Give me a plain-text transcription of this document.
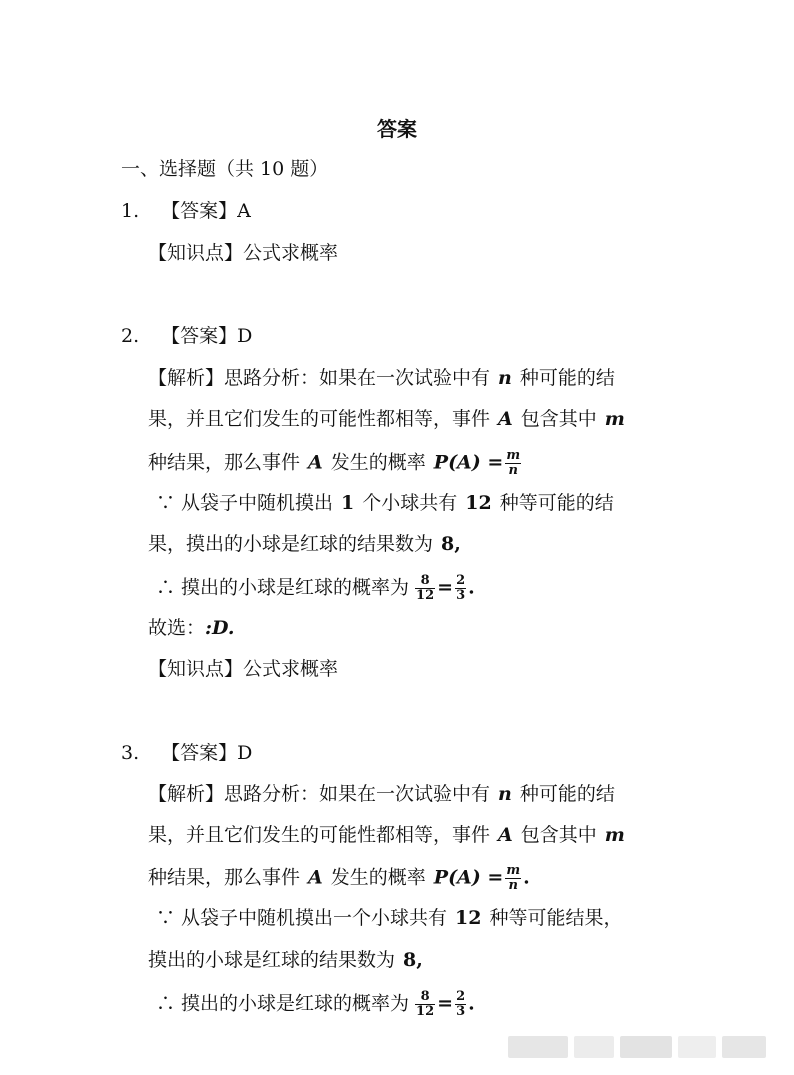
答案
一、选择题（共 10 题）
1. 【答案】A
【知识点】公式求概率
2. 【答案】D
【解析】思路分析：如果在一次试验中有 n 种可能的结
果，并且它们发生的可能性都相等，事件 A 包含其中 m
种结果，那么事件 A 发生的概率 $P(A) = \frac{m}{n}$
∵ 从袋子中随机摸出 1 个小球共有 12 种等可能的结
果，摸出的小球是红球的结果数为 8,
∴ 摸出的小球是红球的概率为 $\frac{8}{12} = \frac{2}{3}$ .
故选：:D.
【知识点】公式求概率
3. 【答案】D
【解析】思路分析：如果在一次试验中有 n 种可能的结
果，并且它们发生的可能性都相等，事件 A 包含其中 m
种结果，那么事件 A 发生的概率 $P(A) = \frac{m}{n}$ .
∵ 从袋子中随机摸出一个小球共有 12 种等可能结果，
摸出的小球是红球的结果数为 8,
∴ 摸出的小球是红球的概率为 $\frac{8}{12} = \frac{2}{3}$ .
